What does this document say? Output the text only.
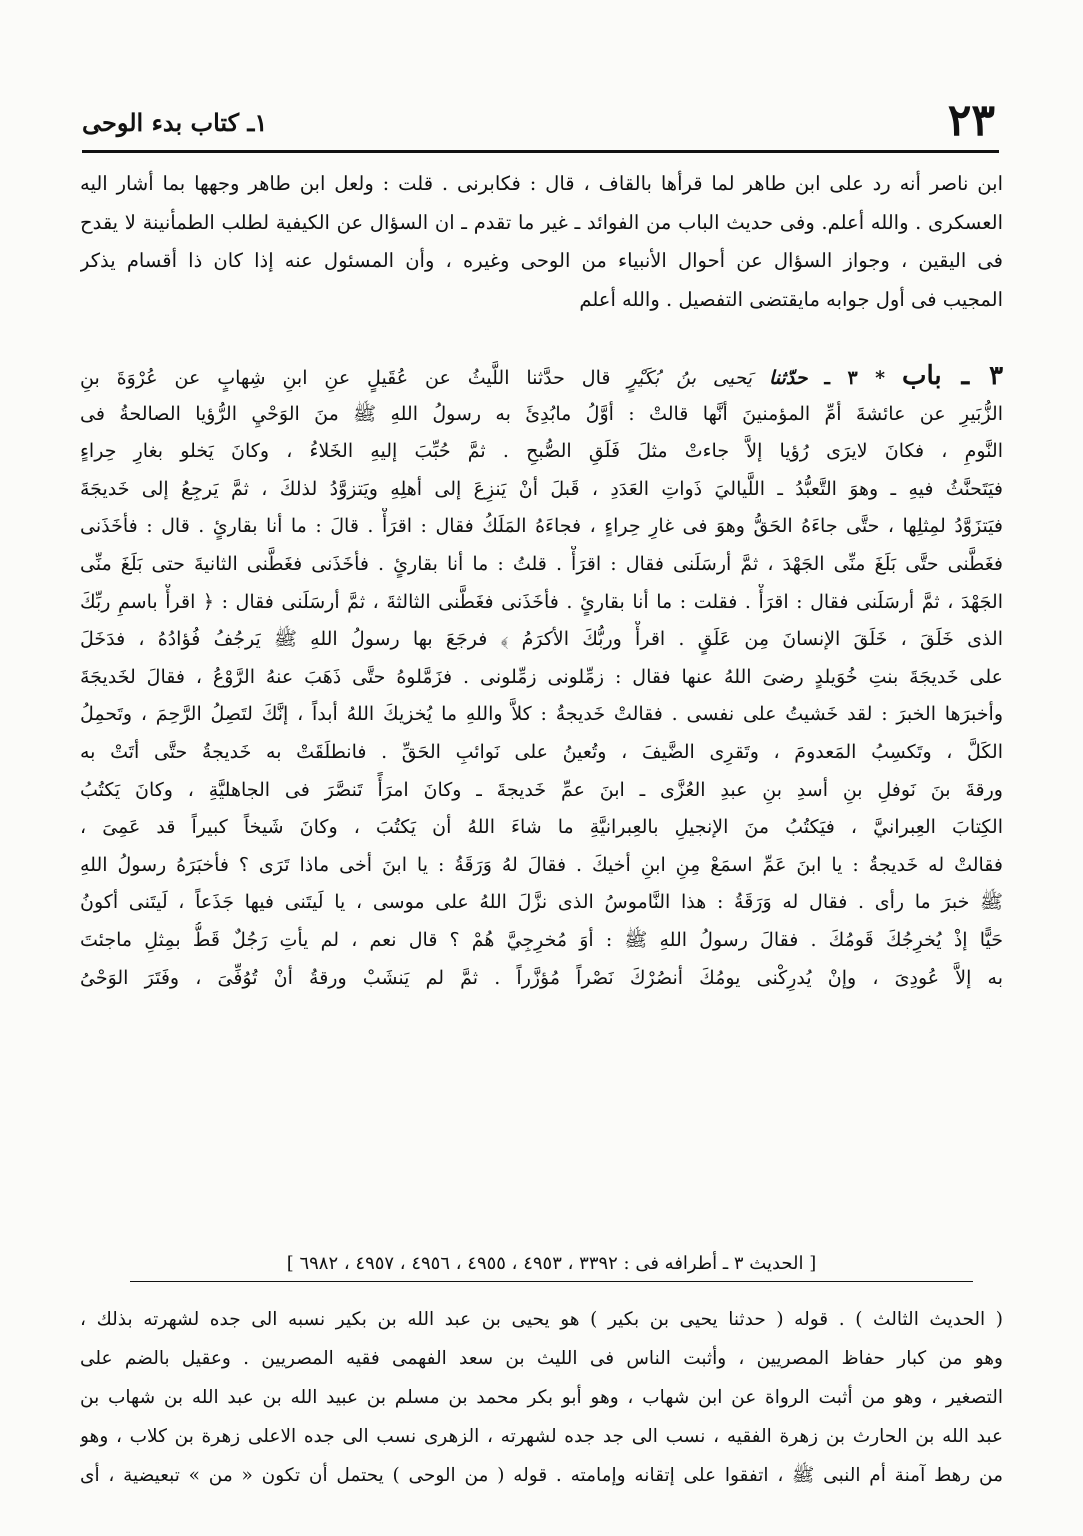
٢٣
١ـ كتاب بدء الوحى
ابن ناصر أنه رد على ابن طاهر لما قرأها بالقاف ، قال : فكابرنى . قلت : ولعل ابن طاهر وجهها بما أشار اليه
العسكرى . والله أعلم. وفى حديث الباب من الفوائد ـ غير ما تقدم ـ ان السؤال عن الكيفية لطلب الطمأنينة لا يقدح
فى اليقين ، وجواز السؤال عن أحوال الأنبياء من الوحى وغيره ، وأن المسئول عنه إذا كان ذا أقسام يذكر
المجيب فى أول جوابه مايقتضى التفصيل . والله أعلم
٣ ـ باب * ٣ ـ حدّثنا يَحيى بنُ بُكَيْرٍ قال حدَّثنا اللَّيثُ عن عُقَيلٍ عنِ ابنِ شِهابٍ عن عُرْوَةَ بنِ
الزُّبَيرِ عن عائشةَ أمِّ المؤمنينَ أنَّها قالتْ : أوَّلُ مابُدِئَ به رسولُ اللهِ ﷺ منَ الوَحْيِ الرُّؤيا الصالحةُ فى
النَّومِ ، فكانَ لايرَى رُؤيا إلاَّ جاءتْ مثلَ فَلَقِ الصُّبحِ . ثمَّ حُبِّبَ إليهِ الخَلاءُ ، وكانَ يَخلو بغارِ حِراءٍ
فيَتَحنَّثُ فيهِ ـ وهوَ التَّعبُّدُ ـ اللَّياليَ ذَواتِ العَدَدِ ، قَبلَ أنْ يَنزِعَ إلى أهلِهِ ويَتزوَّدُ لذلكَ ، ثمَّ يَرجِعُ إلى خَديجَةَ
فيَتزَوَّدُ لمِثلِها ، حتَّى جاءَهُ الحَقُّ وهوَ فى غارِ حِراءٍ ، فجاءَهُ المَلَكُ فقال : اقرَأْ . قالَ : ما أنا بقارئٍ . قال : فأخَذَنى
فغَطَّنى حتَّى بَلَغَ منِّى الجَهْدَ ، ثمَّ أرسَلَنى فقال : اقرَأْ . قلتُ : ما أنا بقارئٍ . فأخَذَنى فغَطَّنى الثانيةَ حتى بَلَغَ منِّى
الجَهْدَ ، ثمَّ أرسَلَنى فقال : اقرَأْ . فقلت : ما أنا بقارئٍ . فأخَذَنى فغَطَّنى الثالثةَ ، ثمَّ أرسَلَنى فقال : ﴿ اقرأْ باسمِ ربِّكَ
الذى خَلَقَ ، خَلَقَ الإنسانَ مِن عَلَقٍ . اقرأْ وربُّكَ الأكرَمُ ﴾ فرجَعَ بها رسولُ اللهِ ﷺ يَرجُفُ فُؤادُهُ ، فدَخَلَ
على خَديجَةَ بنتِ خُوَيلدٍ رضىَ اللهُ عنها فقال : زمِّلونى زمِّلونى . فزَمَّلوهُ حتَّى ذَهَبَ عنهُ الرَّوْعُ ، فقالَ لخَديجَةَ
وأخبرَها الخبرَ : لقد خَشيتُ على نفسى . فقالتْ خَديجةُ : كلاَّ واللهِ ما يُخزيكَ اللهُ أبداً ، إنَّكَ لتَصِلُ الرَّحِمَ ، وتَحمِلُ
الكَلَّ ، وتَكسِبُ المَعدومَ ، وتَقرِى الضَّيفَ ، وتُعينُ على نَوائبِ الحَقِّ . فانطلَقَتْ به خَديجةُ حتَّى أتَتْ به
ورقةَ بنَ نَوفلِ بنِ أسدِ بنِ عبدِ العُزَّى ـ ابنَ عمِّ خَديجةَ ـ وكانَ امرَأً تَنصَّرَ فى الجاهليَّةِ ، وكانَ يَكتُبُ
الكِتابَ العِبرانيَّ ، فيَكتُبُ منَ الإنجيلِ بالعِبرانيَّةِ ما شاءَ اللهُ أن يَكتُبَ ، وكانَ شَيخاً كبيراً قد عَمِىَ ،
فقالتْ له خَديجةُ : يا ابنَ عَمِّ اسمَعْ مِنِ ابنِ أخيكَ . فقالَ لهُ وَرَقَةُ : يا ابنَ أخى ماذا تَرَى ؟ فأخبَرَهُ رسولُ اللهِ
ﷺ خبرَ ما رأى . فقال له وَرَقَةُ : هذا النَّاموسُ الذى نزَّلَ اللهُ على موسى ، يا لَيتَنى فيها جَذَعاً ، لَيتَنى أكونُ
حَيًّا إذْ يُخرِجُكَ قَومُكَ . فقالَ رسولُ اللهِ ﷺ : أوَ مُخرِجِيَّ هُمْ ؟ قال نعم ، لم يأتِ رَجُلٌ قَطُّ بمِثلِ ماجئتَ
به إلاَّ عُودِىَ ، وإنْ يُدرِكْنى يومُكَ أنصُرْكَ نَصْراً مُؤزَّراً . ثمَّ لم يَنشَبْ ورقةُ أنْ تُوُفِّىَ ، وفَتَرَ الوَحْىُ
[ الحديث ٣ ـ أطرافه فى : ٣٣٩٢ ، ٤٩٥٣ ، ٤٩٥٥ ، ٤٩٥٦ ، ٤٩٥٧ ، ٦٩٨٢ ]
( الحديث الثالث ) . قوله ( حدثنا يحيى بن بكير ) هو يحيى بن عبد الله بن بكير نسبه الى جده لشهرته بذلك ،
وهو من كبار حفاظ المصريين ، وأثبت الناس فى الليث بن سعد الفهمى فقيه المصريين . وعقيل بالضم على
التصغير ، وهو من أثبت الرواة عن ابن شهاب ، وهو أبو بكر محمد بن مسلم بن عبيد الله بن عبد الله بن شهاب بن
عبد الله بن الحارث بن زهرة الفقيه ، نسب الى جد جده لشهرته ، الزهرى نسب الى جده الاعلى زهرة بن كلاب ، وهو
من رهط آمنة أم النبى ﷺ ، اتفقوا على إتقانه وإمامته . قوله ( من الوحى ) يحتمل أن تكون « من » تبعيضية ، أى
